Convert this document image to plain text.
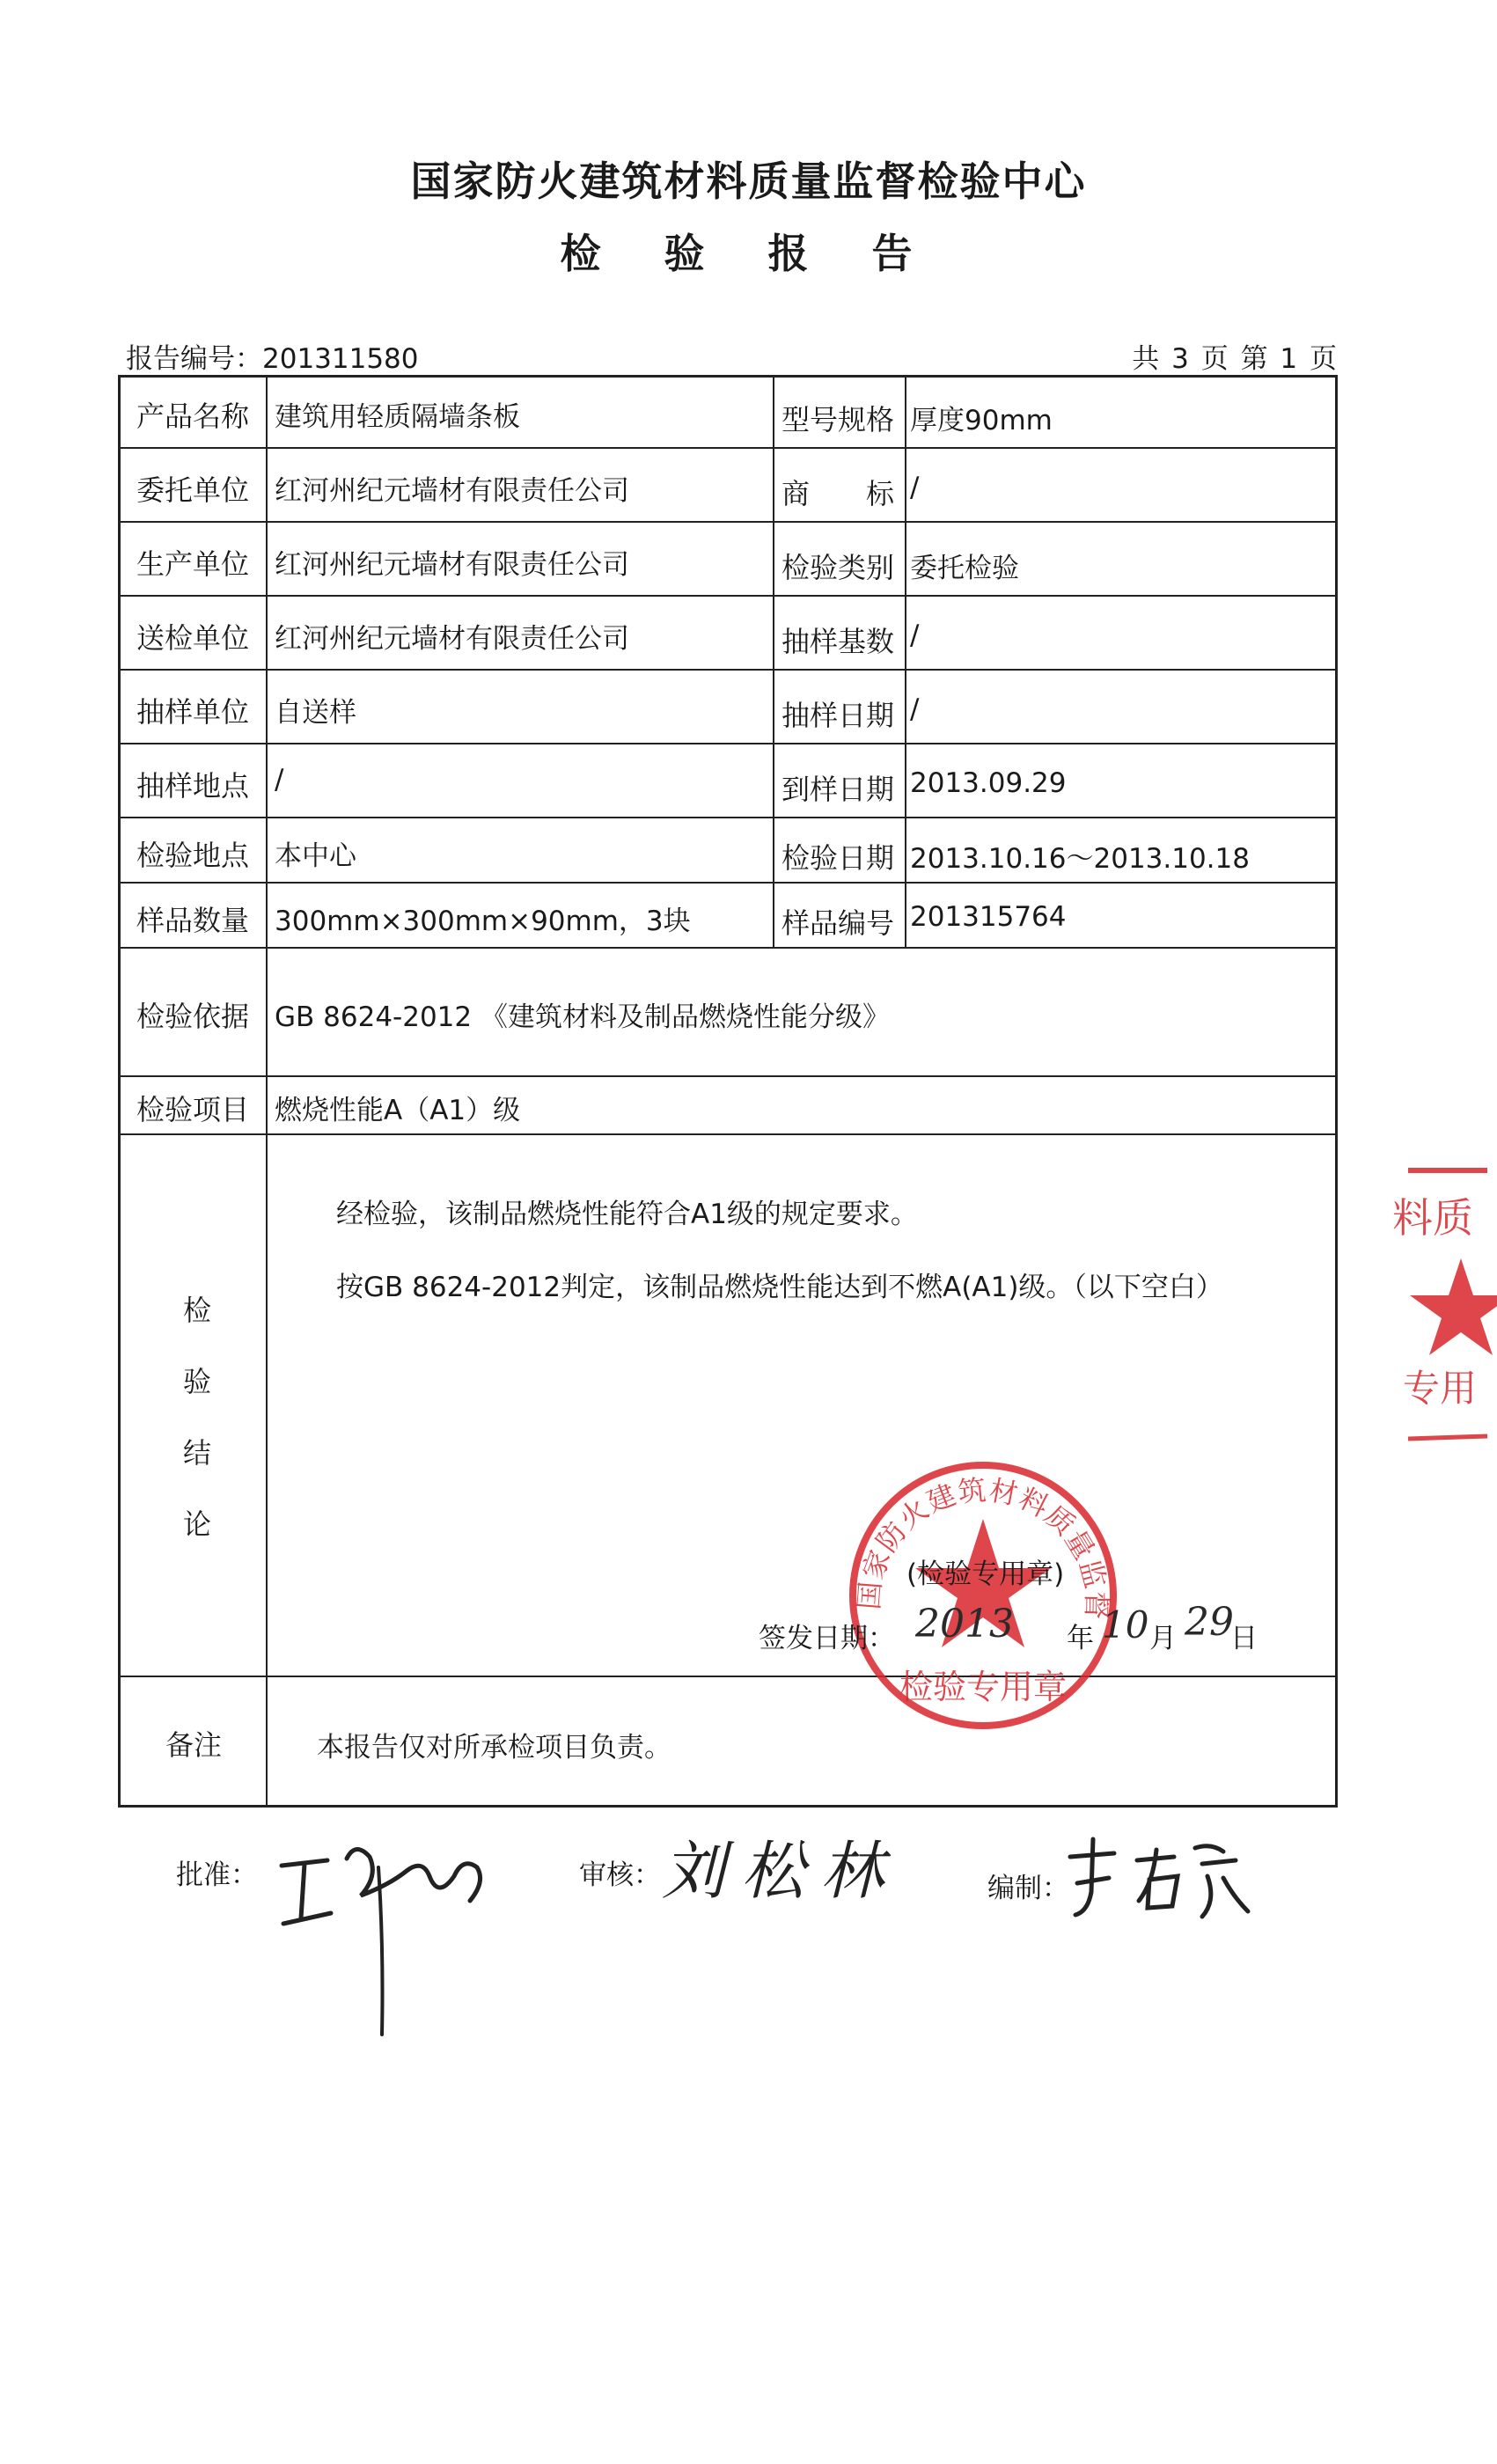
国家防火建筑材料质量监督检验中心
检 验 报 告
报告编号：201311580	共 3 页 第 1 页
产品名称 建筑用轻质隔墙条板	型号规格 厚度90mm
委托单位 红河州纪元墙材有限责任公司	商　　标 /
生产单位 红河州纪元墙材有限责任公司	检验类别 委托检验
送检单位 红河州纪元墙材有限责任公司	抽样基数 /
抽样单位 自送样	抽样日期 /
抽样地点 /	到样日期 2013.09.29
检验地点 本中心	检验日期 2013.10.16～2013.10.18
样品数量 300mm×300mm×90mm，3块	样品编号 201315764
检验依据 GB 8624-2012 《建筑材料及制品燃烧性能分级》
检验项目 燃烧性能A（A1）级
检
验
结
论
经检验，该制品燃烧性能符合A1级的规定要求。
按GB 8624-2012判定，该制品燃烧性能达到不燃A(A1)级。（以下空白）
国家防火建筑材料质量监督
检验专用章
(检验专用章)
签发日期： 2013 年 10 月 29
日
备注	本报告仅对所承检项目负责。
批准：	审核： 刘松林	编制：
料质
专用
